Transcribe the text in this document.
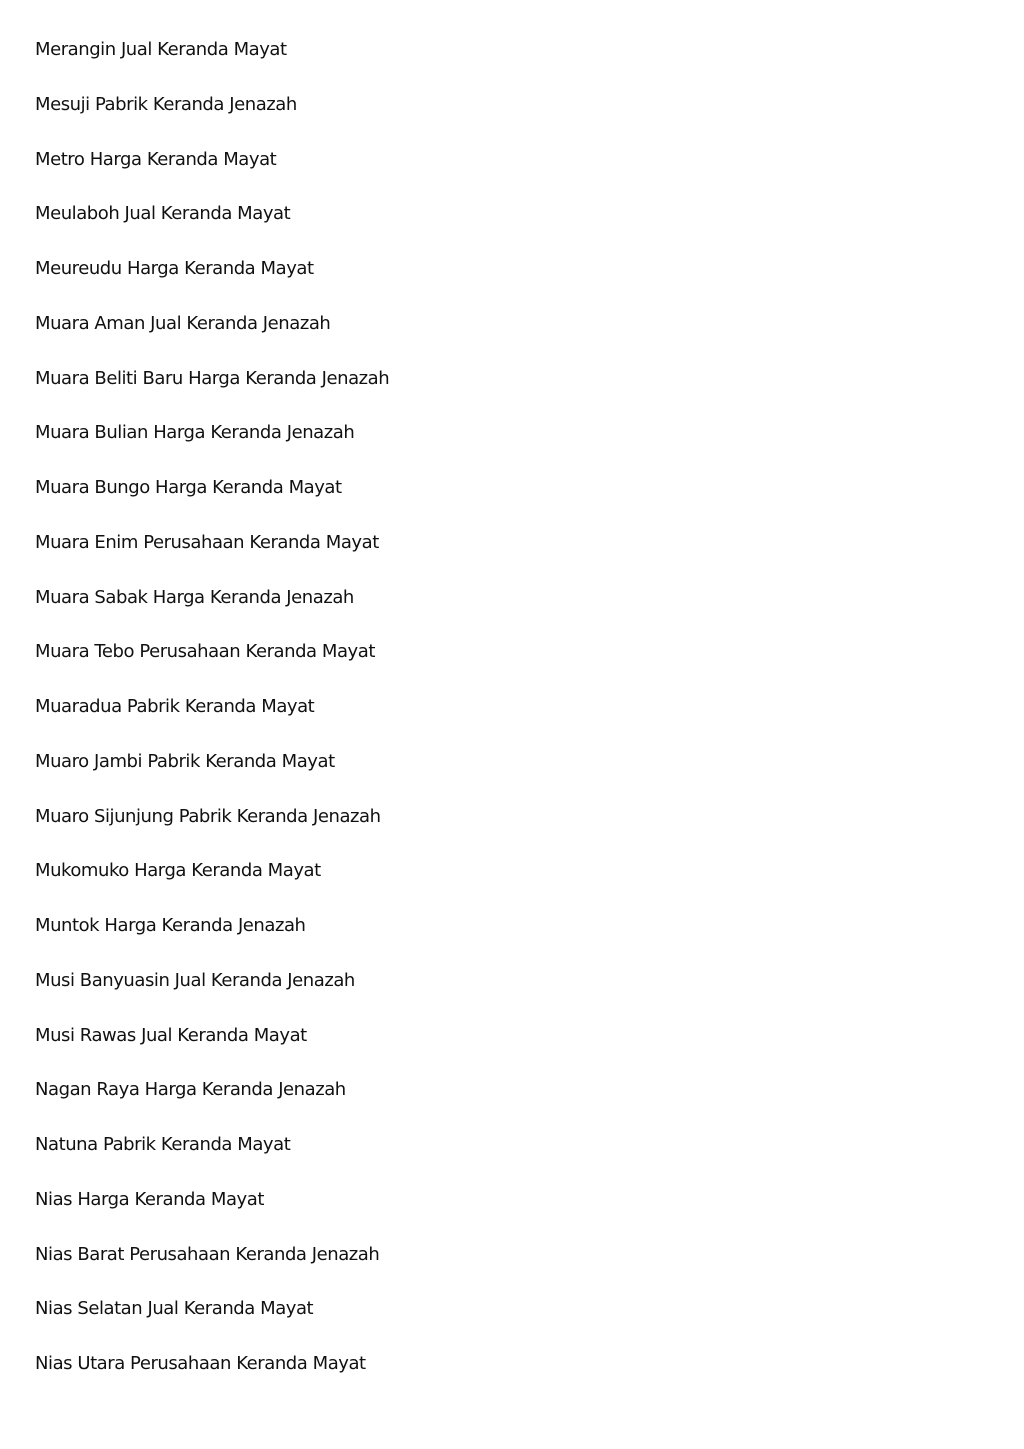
Merangin Jual Keranda Mayat
Mesuji Pabrik Keranda Jenazah
Metro Harga Keranda Mayat
Meulaboh Jual Keranda Mayat
Meureudu Harga Keranda Mayat
Muara Aman Jual Keranda Jenazah
Muara Beliti Baru Harga Keranda Jenazah
Muara Bulian Harga Keranda Jenazah
Muara Bungo Harga Keranda Mayat
Muara Enim Perusahaan Keranda Mayat
Muara Sabak Harga Keranda Jenazah
Muara Tebo Perusahaan Keranda Mayat
Muaradua Pabrik Keranda Mayat
Muaro Jambi Pabrik Keranda Mayat
Muaro Sijunjung Pabrik Keranda Jenazah
Mukomuko Harga Keranda Mayat
Muntok Harga Keranda Jenazah
Musi Banyuasin Jual Keranda Jenazah
Musi Rawas Jual Keranda Mayat
Nagan Raya Harga Keranda Jenazah
Natuna Pabrik Keranda Mayat
Nias Harga Keranda Mayat
Nias Barat Perusahaan Keranda Jenazah
Nias Selatan Jual Keranda Mayat
Nias Utara Perusahaan Keranda Mayat
